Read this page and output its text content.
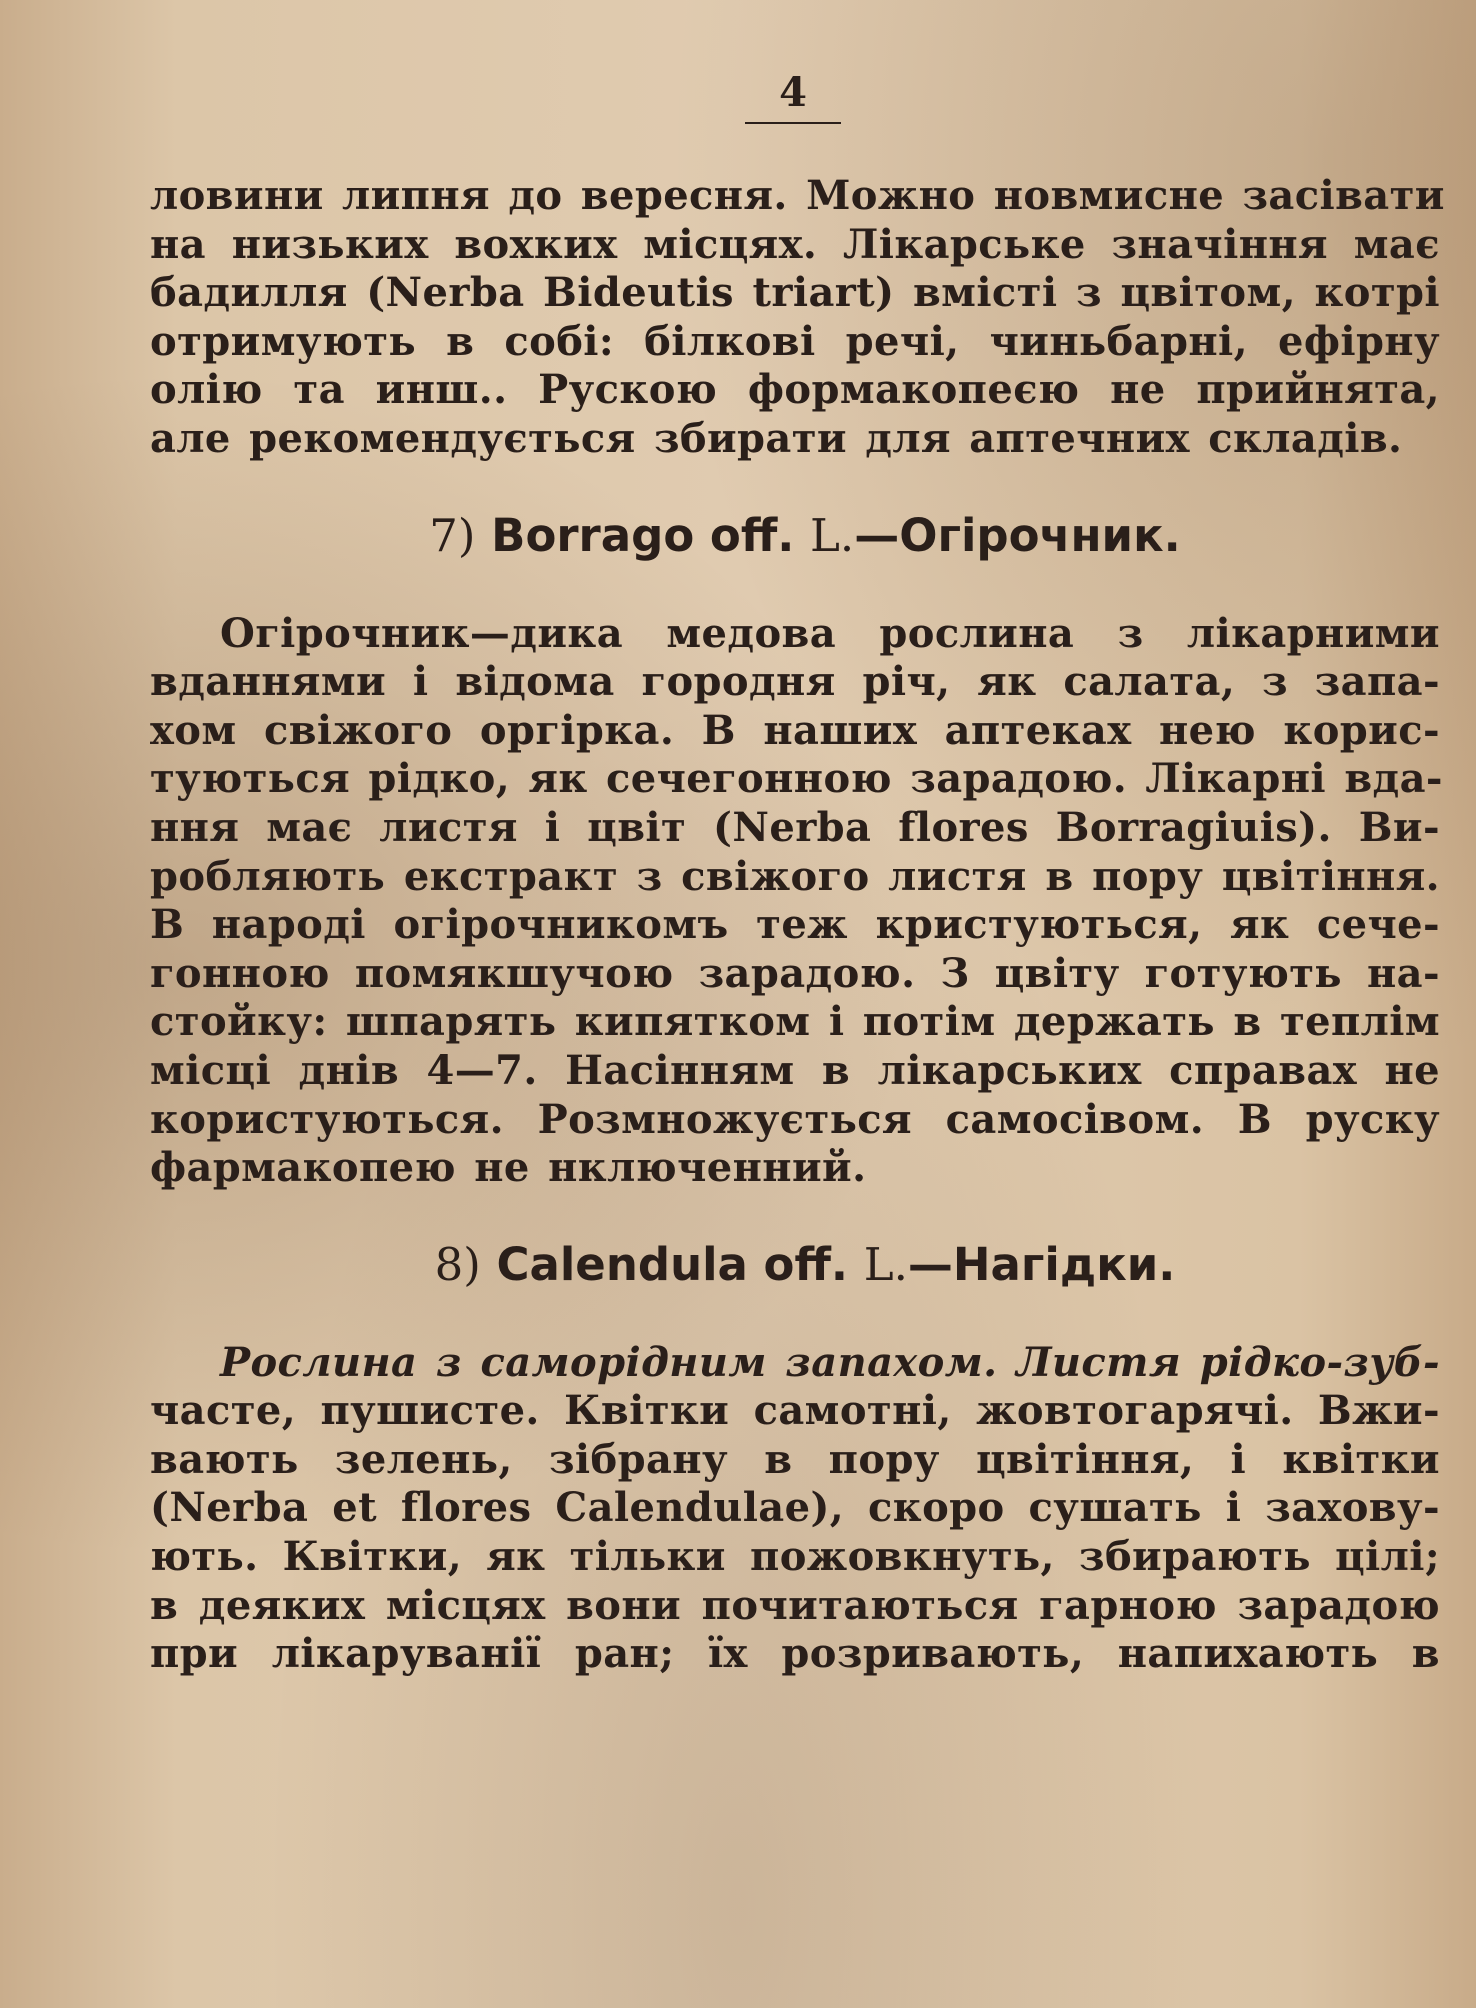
4

ловини липня до вересня. Можно новмисне засівати
на низьких вохких місцях. Лікарське значіння має
бадилля (Nerba Bideutis triart) вмісті з цвітом, котрі
отримують в собі: білкові речі, чиньбарні, ефірну
олію та инш.. Рускою формакопеєю не прийнята,
але рекомендується збирати для аптечних складів.

7) Borrago off. L.—Огірочник.

Огірочник—дика медова рослина з лікарними
вданнями і відома городня річ, як салата, з запа-
хом свіжого оргірка. В наших аптеках нею корис-
туються рідко, як сечегонною зарадою. Лікарні вда-
ння має листя і цвіт (Nerba flores Borragiuis). Ви-
робляють екстракт з свіжого листя в пору цвітіння.
В народі огірочникомъ теж кристуються, як сече-
гонною помякшучою зарадою. З цвіту готують на-
стойку: шпарять кипятком і потім держать в теплім
місці днів 4—7. Насінням в лікарських справах не
користуються. Розмножується самосівом. В руску
фармакопею не нключенний.

8) Calendula off. L.—Нагідки.

Рослина з саморідним запахом. Листя рідко-зуб-
часте, пушисте. Квітки самотні, жовтогарячі. Вжи-
вають зелень, зібрану в пору цвітіння, і квітки
(Nerba et flores Calendulae), скоро сушать і захову-
ють. Квітки, як тільки пожовкнуть, збирають цілі;
в деяких місцях вони почитаються гарною зарадою
при лікаруванії ран; їх розривають, напихають в
